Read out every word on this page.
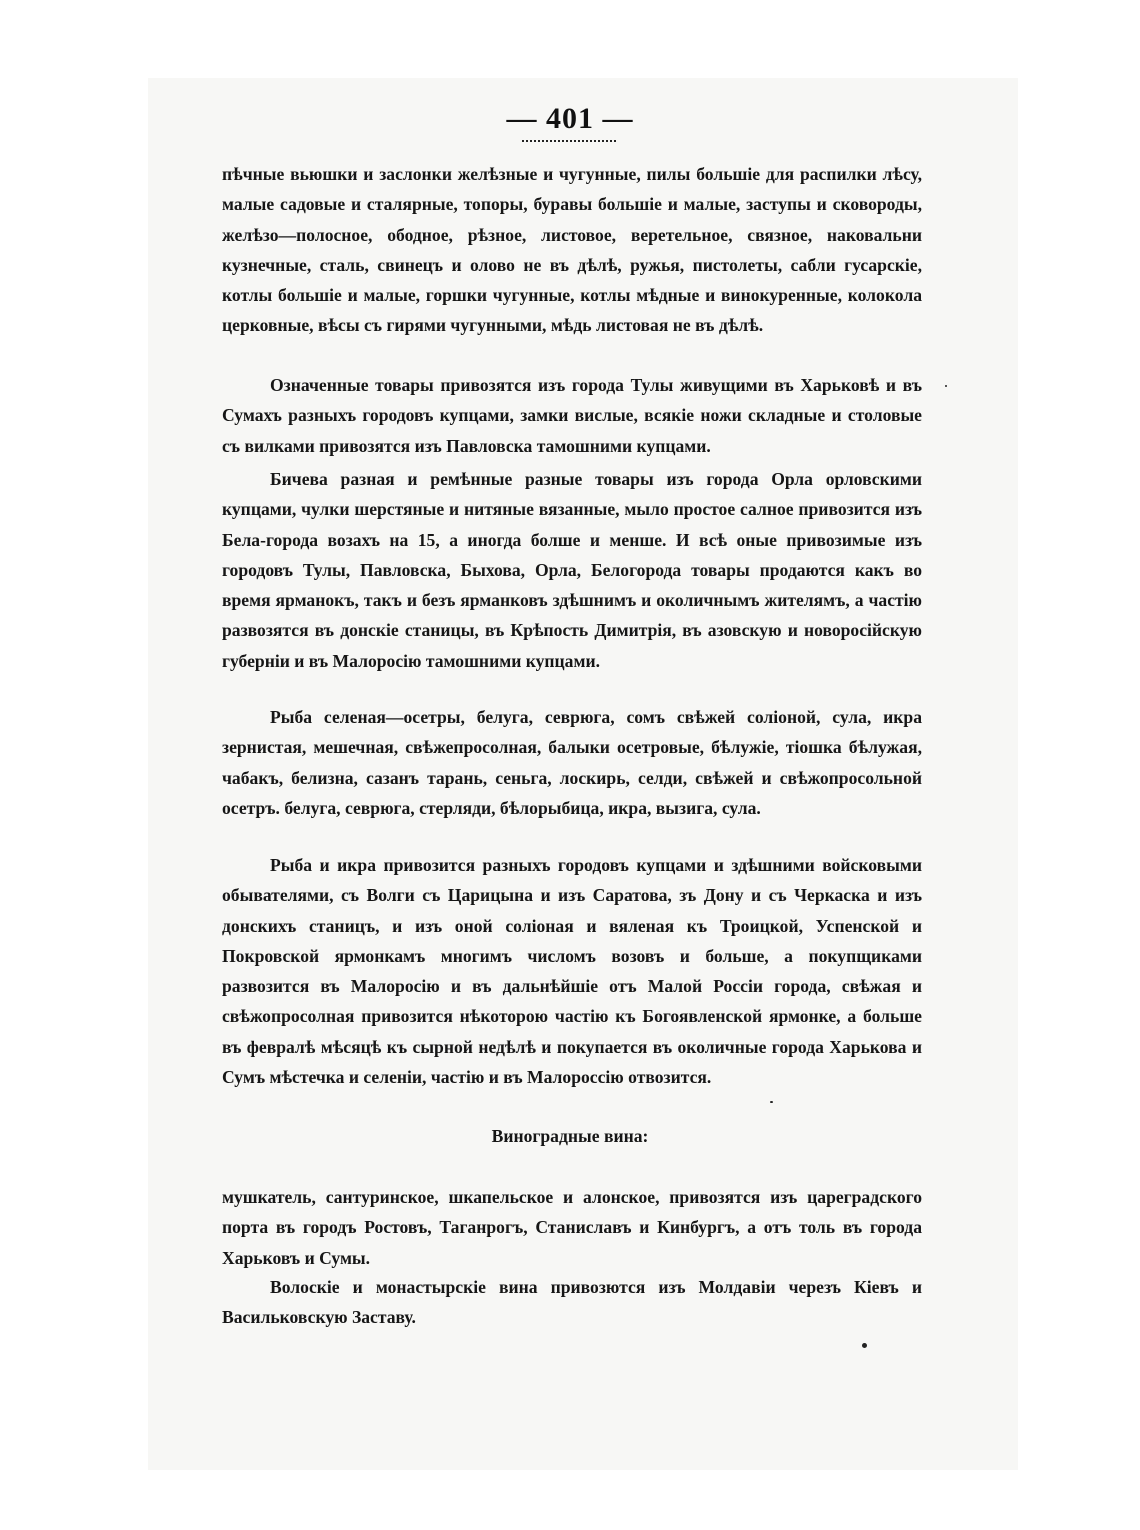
— 401 —

пѣчные вьюшки и заслонки желѣзные и чугунные, пилы большіе для распилки лѣсу, малые садовые и сталярные, топоры, буравы большіе и малые, заступы и сковороды, желѣзо—полосное, ободное, рѣзное, листовое, веретельное, связное, наковальни кузнечные, сталь, свинецъ и олово не въ дѣлѣ, ружья, пистолеты, сабли гусарскіе, котлы большіе и малые, горшки чугунные, котлы мѣдные и винокуренные, колокола церковные, вѣсы съ гирями чугунными, мѣдь листовая не въ дѣлѣ.

Означенные товары привозятся изъ города Тулы живущими въ Харьковѣ и въ Сумахъ разныхъ городовъ купцами, замки вислые, всякіе ножи складные и столовые съ вилками привозятся изъ Павловска тамошними купцами.

Бичева разная и ремѣнные разные товары изъ города Орла орловскими купцами, чулки шерстяные и нитяные вязанные, мыло простое салное привозится изъ Бела-города возахъ на 15, а иногда болше и менше. И всѣ оные привозимые изъ городовъ Тулы, Павловска, Быхова, Орла, Белогорода товары продаются какъ во время ярманокъ, такъ и безъ ярманковъ здѣшнимъ и околичнымъ жителямъ, а частію развозятся въ донскіе станицы, въ Крѣпость Димитрія, въ азовскую и новоросійскую губерніи и въ Малоросію тамошними купцами.

Рыба селеная—осетры, белуга, севрюга, сомъ свѣжей соліоной, сула, икра зернистая, мешечная, свѣжепросолная, балыки осетровые, бѣлужіе, тіошка бѣлужая, чабакъ, белизна, сазанъ тарань, сеньга, лоскирь, селди, свѣжей и свѣжопросольной осетръ. белуга, севрюга, стерляди, бѣлорыбица, икра, вызига, сула.

Рыба и икра привозится разныхъ городовъ купцами и здѣшними войсковыми обывателями, съ Волги съ Царицына и изъ Саратова, зъ Дону и съ Черкаска и изъ донскихъ станицъ, и изъ оной соліоная и вяленая къ Троицкой, Успенской и Покровской ярмонкамъ многимъ числомъ возовъ и больше, а покупщиками развозится въ Малоросію и въ дальнѣйшіе отъ Малой Россіи города, свѣжая и свѣжопросолная привозится нѣкоторою частію къ Богоявленской ярмонке, а больше въ февралѣ мѣсяцѣ къ сырной недѣлѣ и покупается въ околичные города Харькова и Сумъ мѣстечка и селеніи, частію и въ Малороссію отвозится.

Виноградные вина:

мушкатель, сантуринское, шкапельское и алонское, привозятся изъ цареградского порта въ городъ Ростовъ, Таганрогъ, Станиславъ и Кинбургъ, а отъ толь въ города Харьковъ и Сумы.

Волоскіе и монастырскіе вина привозются изъ Молдавіи черезъ Кіевъ и Васильковскую Заставу.
